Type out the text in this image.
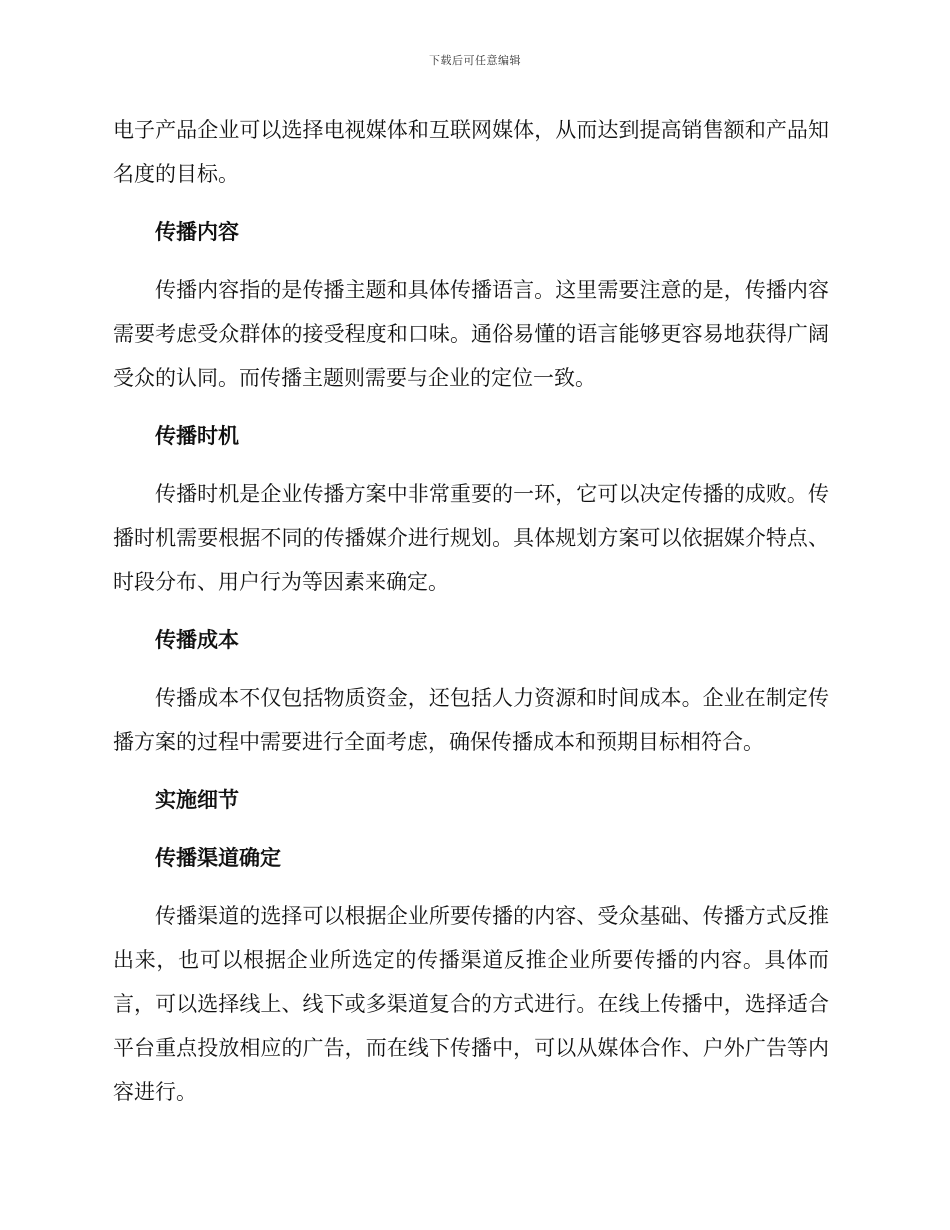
下载后可任意编辑

电子产品企业可以选择电视媒体和互联网媒体，从而达到提高销售额和产品知名度的目标。

传播内容

传播内容指的是传播主题和具体传播语言。这里需要注意的是，传播内容需要考虑受众群体的接受程度和口味。通俗易懂的语言能够更容易地获得广阔受众的认同。而传播主题则需要与企业的定位一致。

传播时机

传播时机是企业传播方案中非常重要的一环，它可以决定传播的成败。传播时机需要根据不同的传播媒介进行规划。具体规划方案可以依据媒介特点、时段分布、用户行为等因素来确定。

传播成本

传播成本不仅包括物质资金，还包括人力资源和时间成本。企业在制定传播方案的过程中需要进行全面考虑，确保传播成本和预期目标相符合。

实施细节

传播渠道确定

传播渠道的选择可以根据企业所要传播的内容、受众基础、传播方式反推出来，也可以根据企业所选定的传播渠道反推企业所要传播的内容。具体而言，可以选择线上、线下或多渠道复合的方式进行。在线上传播中，选择适合平台重点投放相应的广告，而在线下传播中，可以从媒体合作、户外广告等内容进行。
